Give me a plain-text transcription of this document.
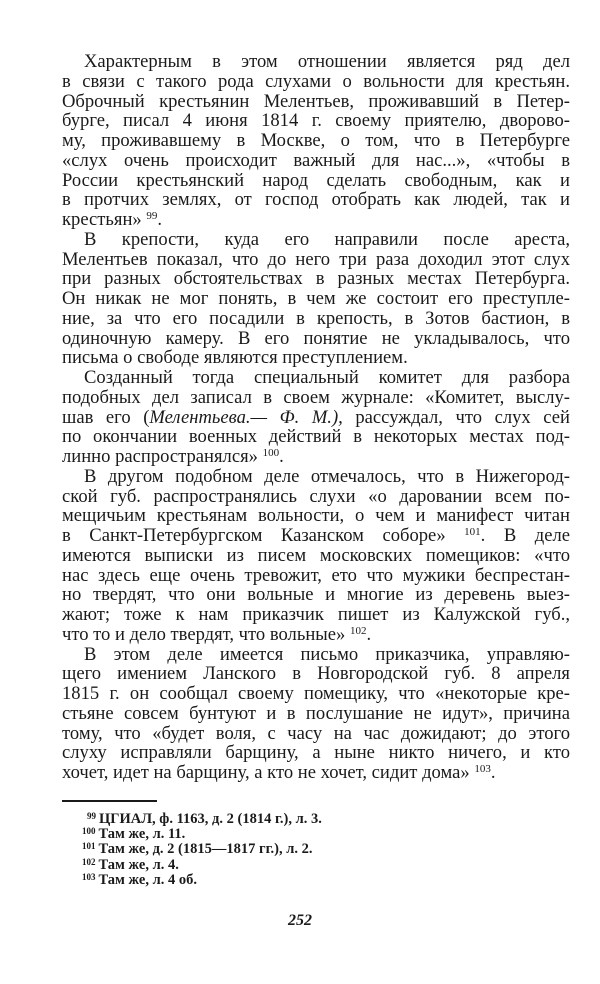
Характерным в этом отношении является ряд дел
в связи с такого рода слухами о вольности для крестьян.
Оброчный крестьянин Мелентьев, проживавший в Петер-
бурге, писал 4 июня 1814 г. своему приятелю, дворово-
му, проживавшему в Москве, о том, что в Петербурге
«слух очень происходит важный для нас...», «чтобы в
России крестьянский народ сделать свободным, как и
в протчих землях, от господ отобрать как людей, так и
крестьян» $^{99}$.
В крепости, куда его направили после ареста,
Мелентьев показал, что до него три раза доходил этот слух
при разных обстоятельствах в разных местах Петербурга.
Он никак не мог понять, в чем же состоит его преступле-
ние, за что его посадили в крепость, в Зотов бастион, в
одиночную камеру. В его понятие не укладывалось, что
письма о свободе являются преступлением.
Созданный тогда специальный комитет для разбора
подобных дел записал в своем журнале: «Комитет, выслу-
шав его (Мелентьева.— Ф. М.), рассуждал, что слух сей
по окончании военных действий в некоторых местах под-
линно распространялся» $^{100}$.
В другом подобном деле отмечалось, что в Нижегород-
ской губ. распространялись слухи «о даровании всем по-
мещичьим крестьянам вольности, о чем и манифест читан
в Санкт-Петербургском Казанском соборе» $^{101}$. В деле
имеются выписки из писем московских помещиков: «что
нас здесь еще очень тревожит, ето что мужики беспрестан-
но твердят, что они вольные и многие из деревень выез-
жают; тоже к нам приказчик пишет из Калужской губ.,
что то и дело твердят, что вольные» $^{102}$.
В этом деле имеется письмо приказчика, управляю-
щего имением Ланского в Новгородской губ. 8 апреля
1815 г. он сообщал своему помещику, что «некоторые кре-
стьяне совсем бунтуют и в послушание не идут», причина
тому, что «будет воля, с часу на час дожидают; до этого
слуху исправляли барщину, а ныне никто ничего, и кто
хочет, идет на барщину, а кто не хочет, сидит дома» $^{103}$.
$^{99}$ ЦГИАЛ, ф. 1163, д. 2 (1814 г.), л. 3.
$^{100}$ Там же, л. 11.
$^{101}$ Там же, д. 2 (1815—1817 гг.), л. 2.
$^{102}$ Там же, л. 4.
$^{103}$ Там же, л. 4 об.
252
